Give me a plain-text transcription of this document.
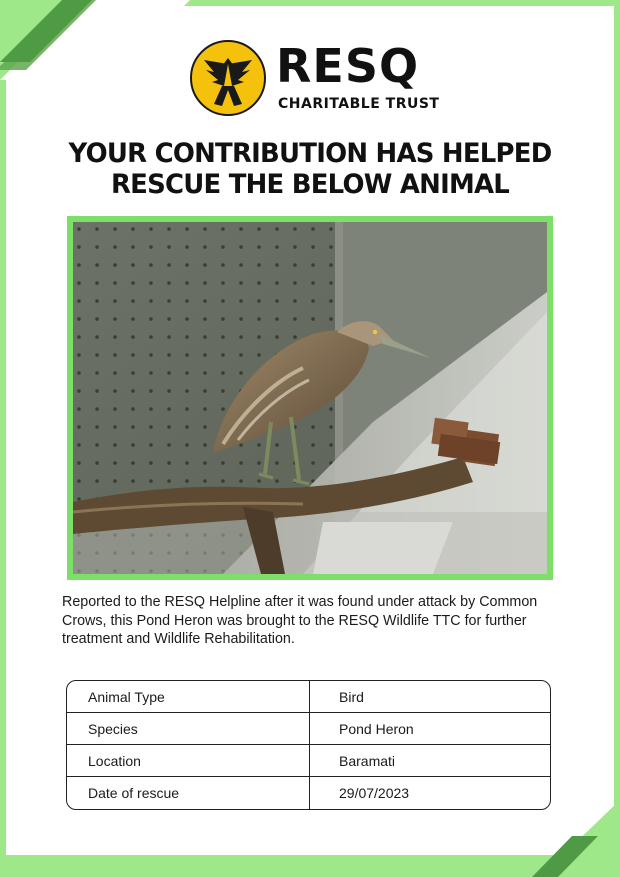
RESQ
CHARITABLE TRUST
YOUR CONTRIBUTION HAS HELPED RESCUE THE BELOW ANIMAL
Reported to the RESQ Helpline after it was found under attack by Common Crows, this Pond Heron was brought to the RESQ Wildlife TTC for further treatment and Wildlife Rehabilitation.
Animal Type	Bird
Species	Pond Heron
Location	Baramati
Date of rescue	29/07/2023
